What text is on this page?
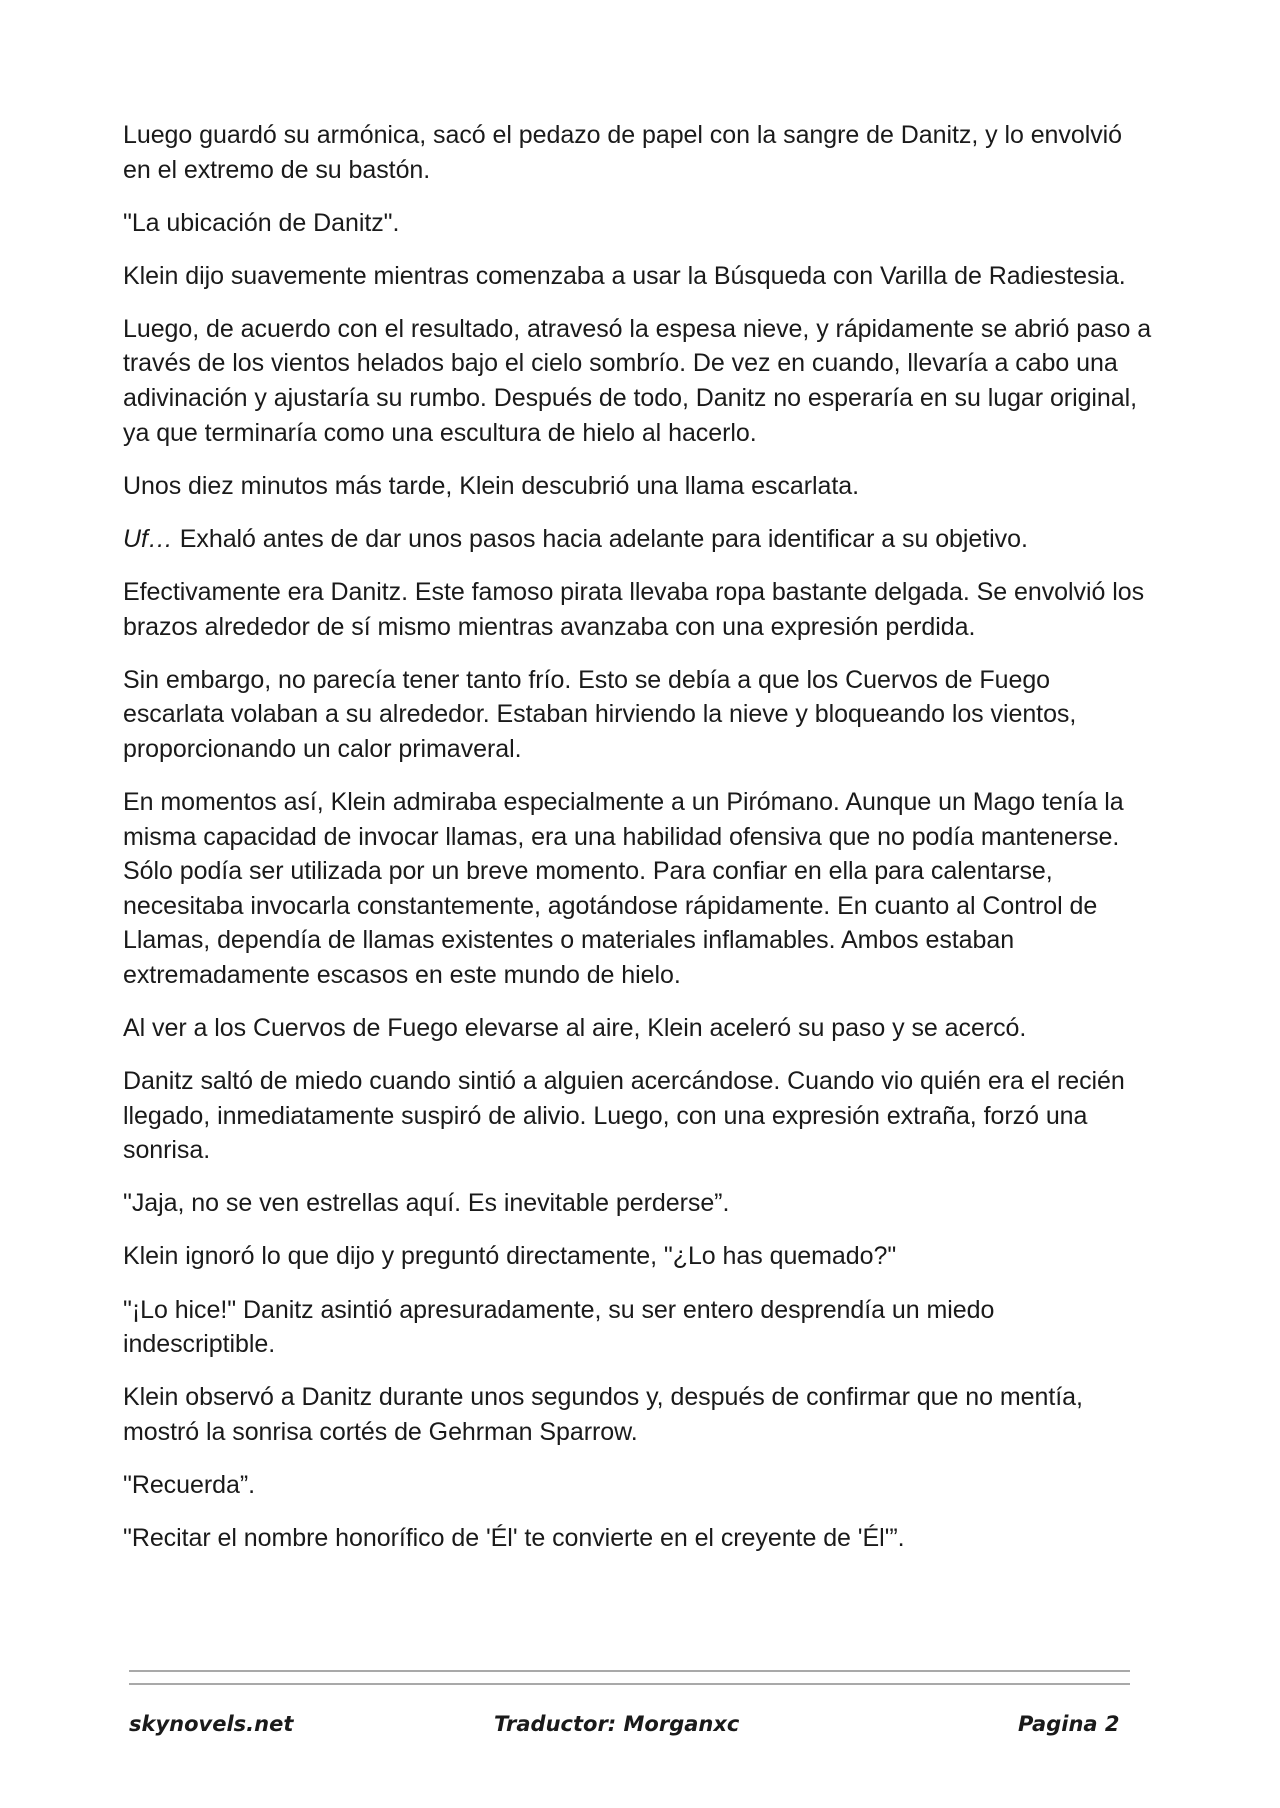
Luego guardó su armónica, sacó el pedazo de papel con la sangre de Danitz, y lo envolvió en el extremo de su bastón.

"La ubicación de Danitz".

Klein dijo suavemente mientras comenzaba a usar la Búsqueda con Varilla de Radiestesia.

Luego, de acuerdo con el resultado, atravesó la espesa nieve, y rápidamente se abrió paso a través de los vientos helados bajo el cielo sombrío. De vez en cuando, llevaría a cabo una adivinación y ajustaría su rumbo. Después de todo, Danitz no esperaría en su lugar original, ya que terminaría como una escultura de hielo al hacerlo.

Unos diez minutos más tarde, Klein descubrió una llama escarlata.

Uf… Exhaló antes de dar unos pasos hacia adelante para identificar a su objetivo.

Efectivamente era Danitz. Este famoso pirata llevaba ropa bastante delgada. Se envolvió los brazos alrededor de sí mismo mientras avanzaba con una expresión perdida.

Sin embargo, no parecía tener tanto frío. Esto se debía a que los Cuervos de Fuego escarlata volaban a su alrededor. Estaban hirviendo la nieve y bloqueando los vientos, proporcionando un calor primaveral.

En momentos así, Klein admiraba especialmente a un Pirómano. Aunque un Mago tenía la misma capacidad de invocar llamas, era una habilidad ofensiva que no podía mantenerse. Sólo podía ser utilizada por un breve momento. Para confiar en ella para calentarse, necesitaba invocarla constantemente, agotándose rápidamente. En cuanto al Control de Llamas, dependía de llamas existentes o materiales inflamables. Ambos estaban extremadamente escasos en este mundo de hielo.

Al ver a los Cuervos de Fuego elevarse al aire, Klein aceleró su paso y se acercó.

Danitz saltó de miedo cuando sintió a alguien acercándose. Cuando vio quién era el recién llegado, inmediatamente suspiró de alivio. Luego, con una expresión extraña, forzó una sonrisa.

"Jaja, no se ven estrellas aquí. Es inevitable perderse”.

Klein ignoró lo que dijo y preguntó directamente, "¿Lo has quemado?"

"¡Lo hice!" Danitz asintió apresuradamente, su ser entero desprendía un miedo indescriptible.

Klein observó a Danitz durante unos segundos y, después de confirmar que no mentía, mostró la sonrisa cortés de Gehrman Sparrow.

"Recuerda”.

"Recitar el nombre honorífico de 'Él' te convierte en el creyente de 'Él'”.

skynovels.net	Traductor: Morganxc	Pagina 2
